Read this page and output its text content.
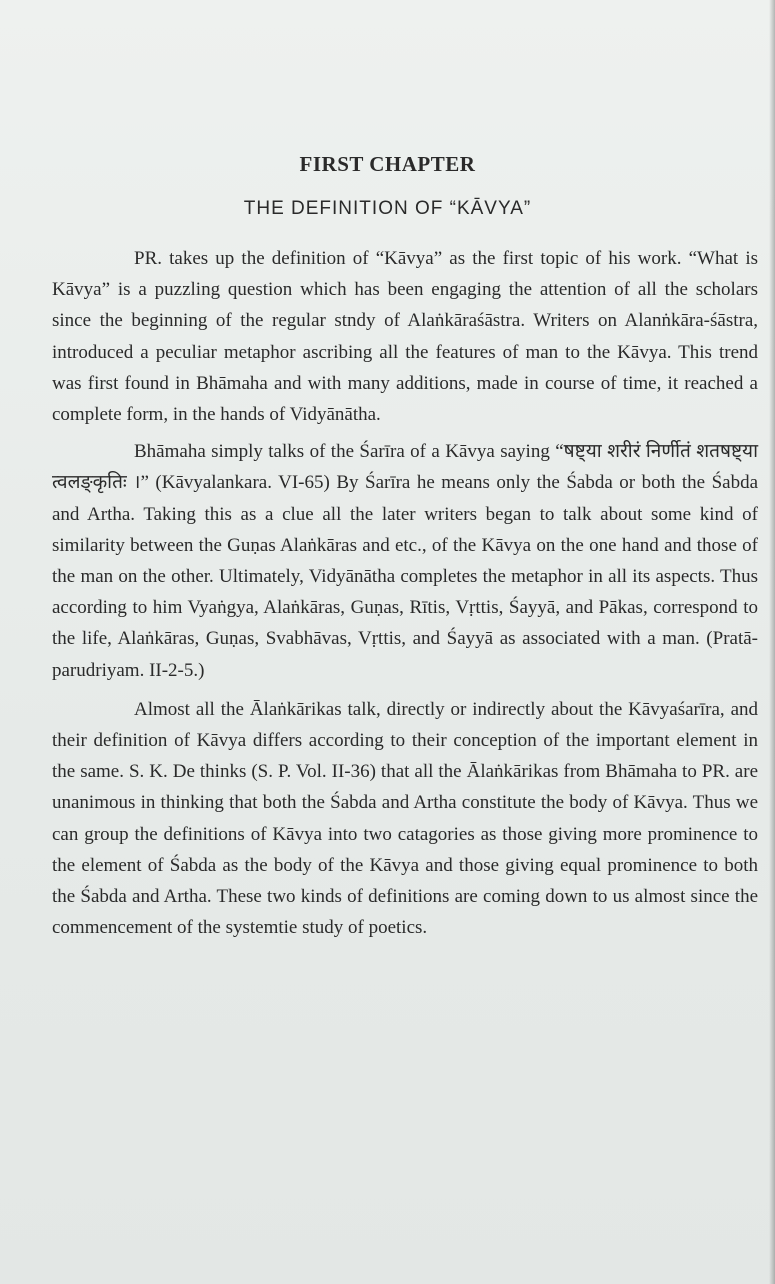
FIRST CHAPTER
THE DEFINITION OF “KĀVYA”

PR. takes up the definition of “Kāvya” as the first topic of his work. “What is Kāvya” is a puzzling question which has been engaging the attention of all the scholars since the beginning of the regular stndy of Alaṅkāraśāstra. Writers on Alanṅkāra-śāstra, introduced a peculiar metaphor ascribing all the features of man to the Kāvya. This trend was first found in Bhāmaha and with many additions, made in course of time, it reached a complete form, in the hands of Vidyānātha.

Bhāmaha simply talks of the Śarīra of a Kāvya saying “षष्ट्या शरीरं निर्णीतं शतषष्ट्या त्वलङ्कृतिः ।” (Kāvyalankara. VI-65) By Śarīra he means only the Śabda or both the Śabda and Artha. Taking this as a clue all the later writers began to talk about some kind of similarity between the Guṇas Alaṅkāras and etc., of the Kāvya on the one hand and those of the man on the other. Ultimately, Vidyānātha completes the metaphor in all its aspects. Thus according to him Vyaṅgya, Alaṅkāras, Guṇas, Rītis, Vṛttis, Śayyā, and Pākas, correspond to the life, Alaṅkāras, Guṇas, Svabhāvas, Vṛttis, and Śayyā as associated with a man. (Pratā-parudriyam. II-2-5.)

Almost all the Ālaṅkārikas talk, directly or indirectly about the Kāvyaśarīra, and their definition of Kāvya differs according to their conception of the important element in the same. S. K. De thinks (S. P. Vol. II-36) that all the Ālaṅkārikas from Bhāmaha to PR. are unanimous in thinking that both the Śabda and Artha constitute the body of Kāvya. Thus we can group the definitions of Kāvya into two catagories as those giving more prominence to the element of Śabda as the body of the Kāvya and those giving equal prominence to both the Śabda and Artha. These two kinds of definitions are coming down to us almost since the commencement of the systemtie study of poetics.
